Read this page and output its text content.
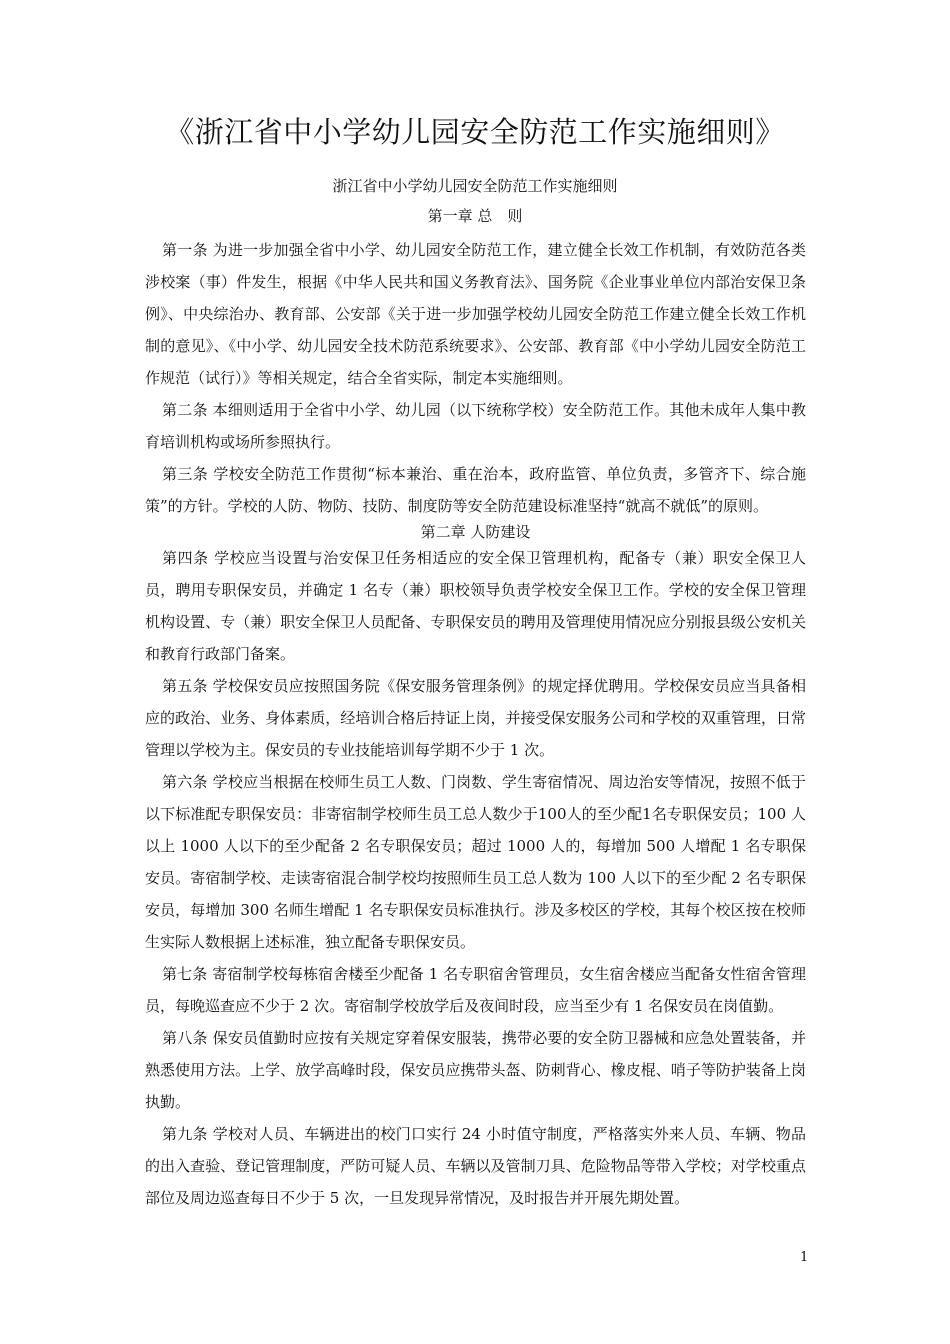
《浙江省中小学幼儿园安全防范工作实施细则》
浙江省中小学幼儿园安全防范工作实施细则
第一章 总　则

第一条 为进一步加强全省中小学、幼儿园安全防范工作，建立健全长效工作机制，有效防范各类涉校案（事）件发生，根据《中华人民共和国义务教育法》、国务院《企业事业单位内部治安保卫条例》、中央综治办、教育部、公安部《关于进一步加强学校幼儿园安全防范工作建立健全长效工作机制的意见》、《中小学、幼儿园安全技术防范系统要求》、公安部、教育部《中小学幼儿园安全防范工作规范（试行）》等相关规定，结合全省实际，制定本实施细则。

第二条 本细则适用于全省中小学、幼儿园（以下统称学校）安全防范工作。其他未成年人集中教育培训机构或场所参照执行。

第三条 学校安全防范工作贯彻“标本兼治、重在治本，政府监管、单位负责，多管齐下、综合施策”的方针。学校的人防、物防、技防、制度防等安全防范建设标准坚持“就高不就低”的原则。

第二章 人防建设

第四条 学校应当设置与治安保卫任务相适应的安全保卫管理机构，配备专（兼）职安全保卫人员，聘用专职保安员，并确定 1 名专（兼）职校领导负责学校安全保卫工作。学校的安全保卫管理机构设置、专（兼）职安全保卫人员配备、专职保安员的聘用及管理使用情况应分别报县级公安机关和教育行政部门备案。

第五条 学校保安员应按照国务院《保安服务管理条例》的规定择优聘用。学校保安员应当具备相应的政治、业务、身体素质，经培训合格后持证上岗，并接受保安服务公司和学校的双重管理，日常管理以学校为主。保安员的专业技能培训每学期不少于 1 次。

第六条 学校应当根据在校师生员工人数、门岗数、学生寄宿情况、周边治安等情况，按照不低于以下标准配专职保安员：非寄宿制学校师生员工总人数少于100人的至少配1名专职保安员；100 人以上 1000 人以下的至少配备 2 名专职保安员；超过 1000 人的，每增加 500 人增配 1 名专职保安员。寄宿制学校、走读寄宿混合制学校均按照师生员工总人数为 100 人以下的至少配 2 名专职保安员，每增加 300 名师生增配 1 名专职保安员标准执行。涉及多校区的学校，其每个校区按在校师生实际人数根据上述标准，独立配备专职保安员。

第七条 寄宿制学校每栋宿舍楼至少配备 1 名专职宿舍管理员，女生宿舍楼应当配备女性宿舍管理员，每晚巡查应不少于 2 次。寄宿制学校放学后及夜间时段，应当至少有 1 名保安员在岗值勤。

第八条 保安员值勤时应按有关规定穿着保安服装，携带必要的安全防卫器械和应急处置装备，并熟悉使用方法。上学、放学高峰时段，保安员应携带头盔、防刺背心、橡皮棍、哨子等防护装备上岗执勤。

第九条 学校对人员、车辆进出的校门口实行 24 小时值守制度，严格落实外来人员、车辆、物品的出入查验、登记管理制度，严防可疑人员、车辆以及管制刀具、危险物品等带入学校；对学校重点部位及周边巡查每日不少于 5 次，一旦发现异常情况，及时报告并开展先期处置。

1
